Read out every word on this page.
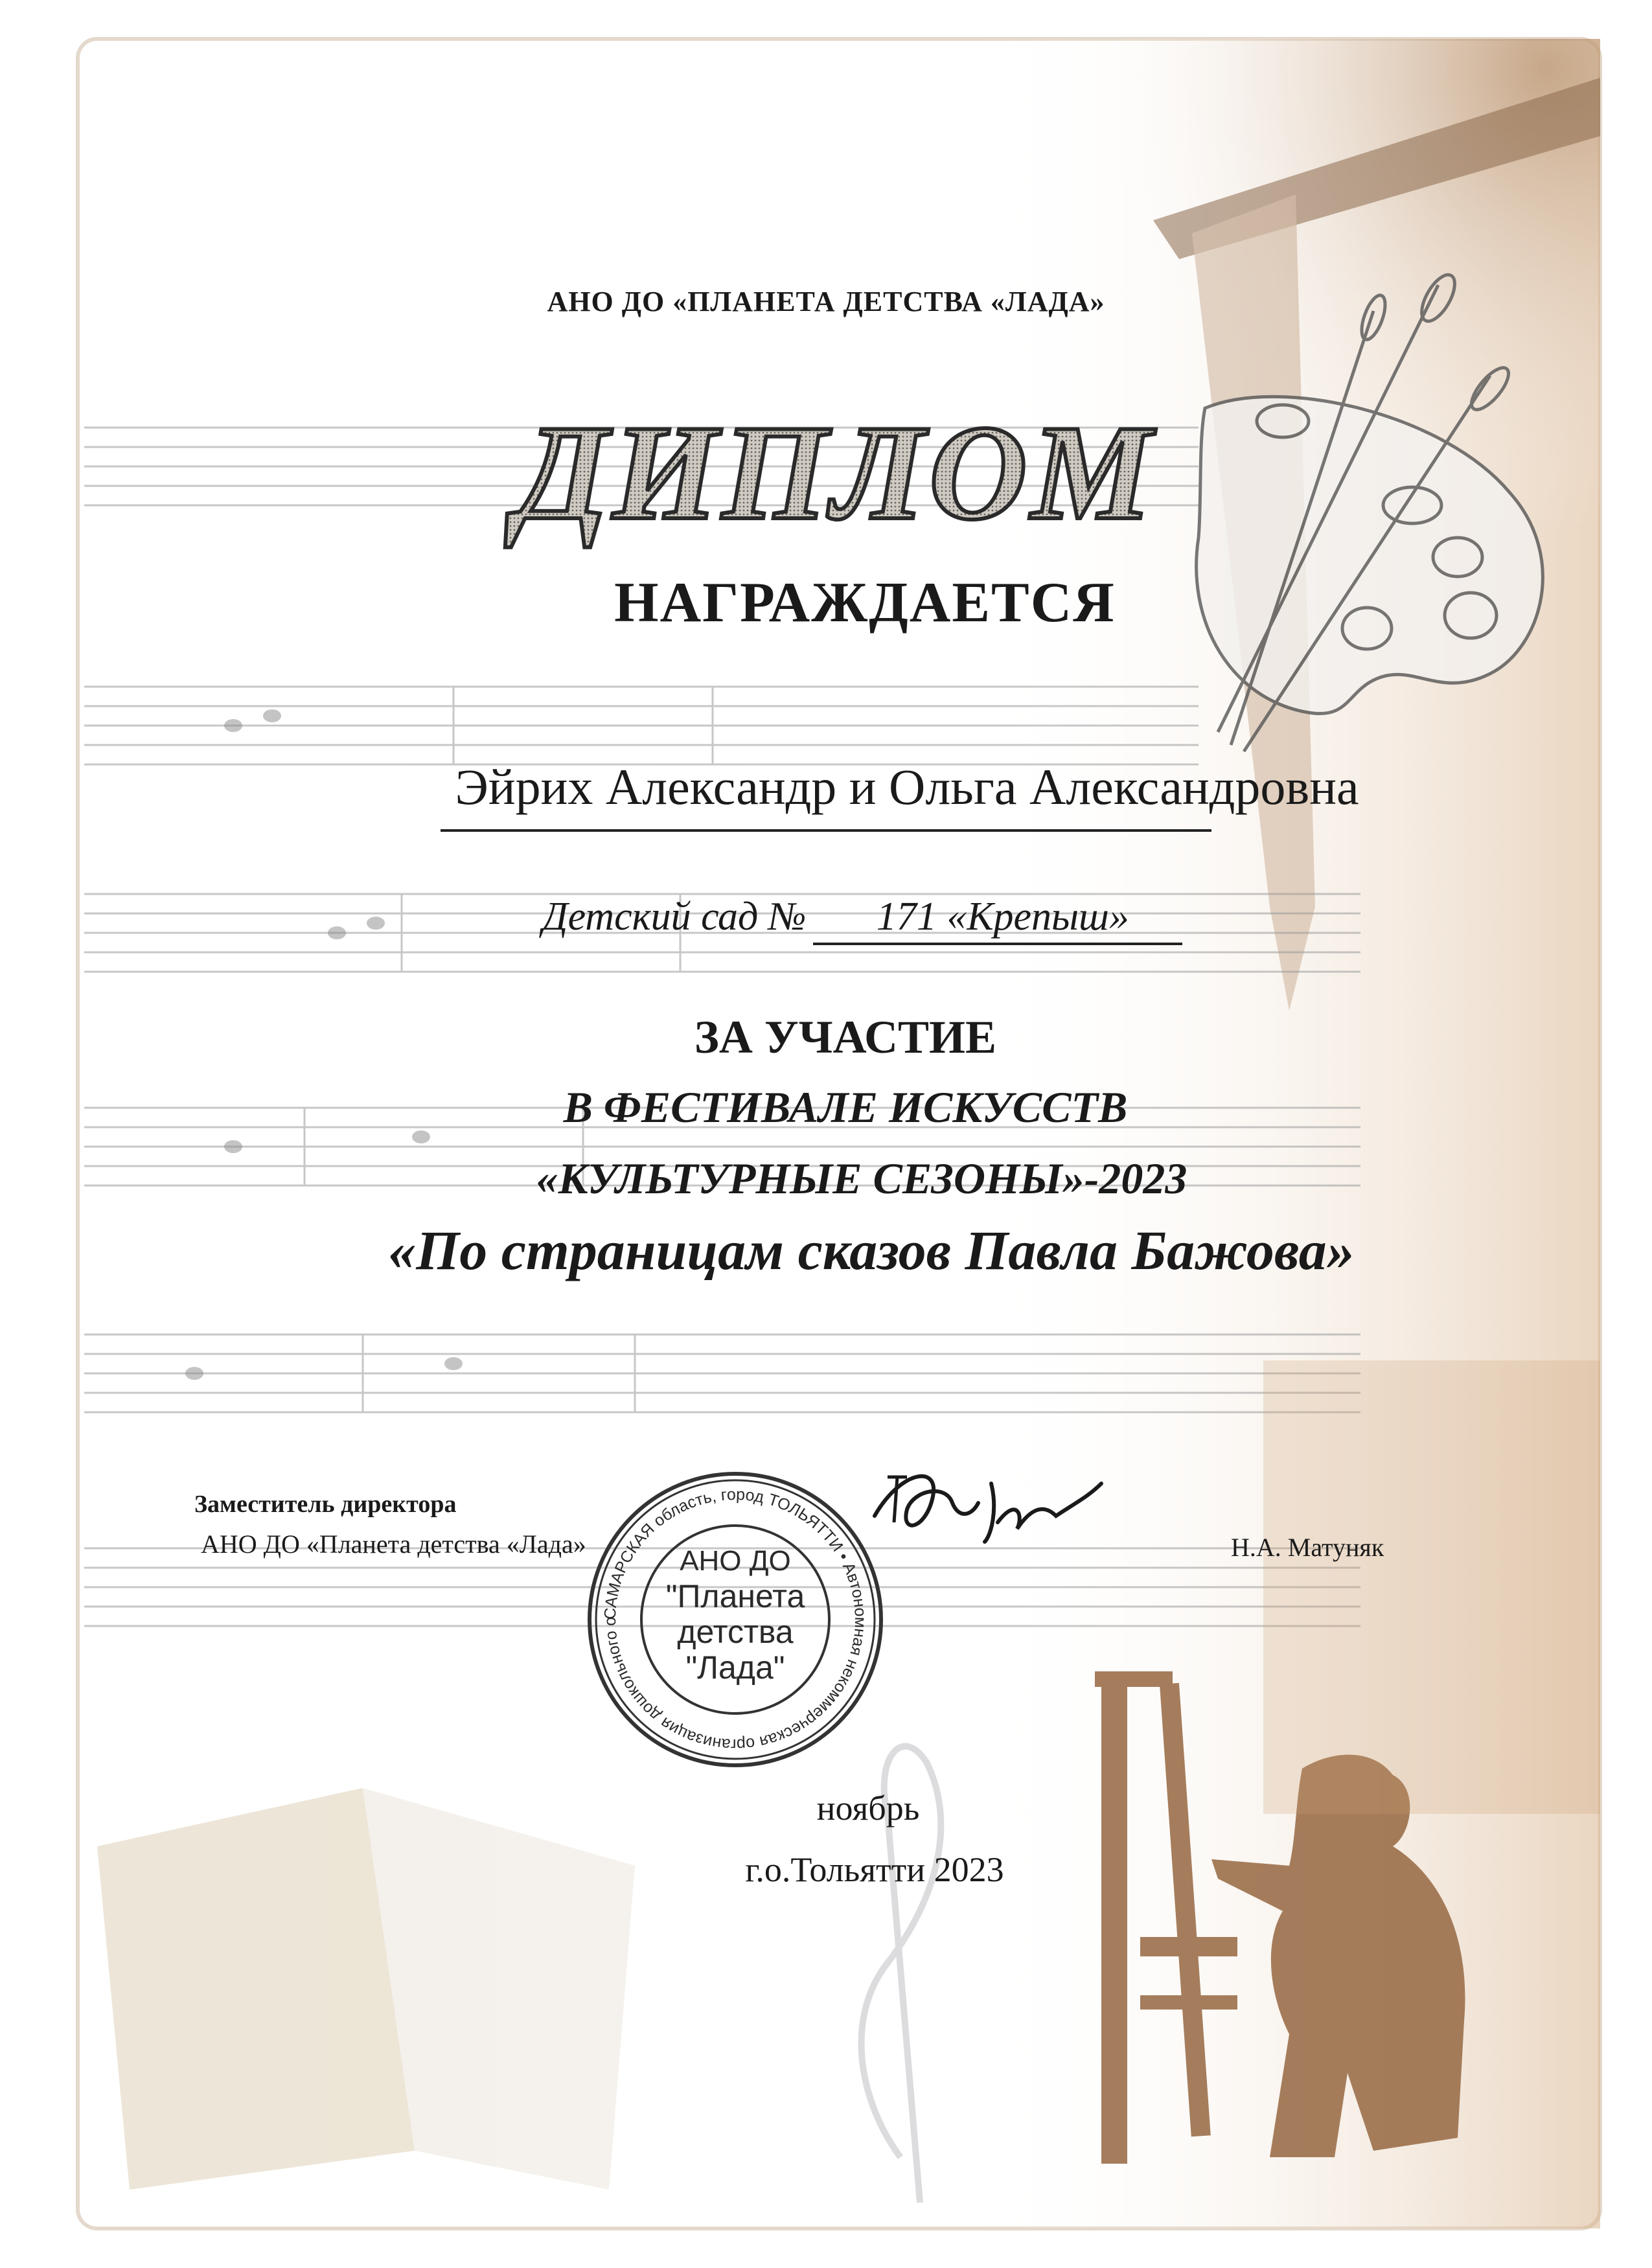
АНО ДО «ПЛАНЕТА ДЕТСТВА «ЛАДА»
ДИПЛОМ
НАГРАЖДАЕТСЯ
Эйрих Александр и Ольга Александровна
Детский сад № 171 «Крепыш»
ЗА УЧАСТИЕ
В ФЕСТИВАЛЕ ИСКУССТВ
«КУЛЬТУРНЫЕ СЕЗОНЫ»-2023
«По страницам сказов Павла Бажова»
Заместитель директора
АНО ДО «Планета детства «Лада»	Н.А. Матуняк
САМАРСКАЯ область, город ТОЛЬЯТТИ • Автономная некоммерческая организация дошкольного о
АНО ДО
"Планета
детства
"Лада"
ноябрь
г.о.Тольятти 2023
